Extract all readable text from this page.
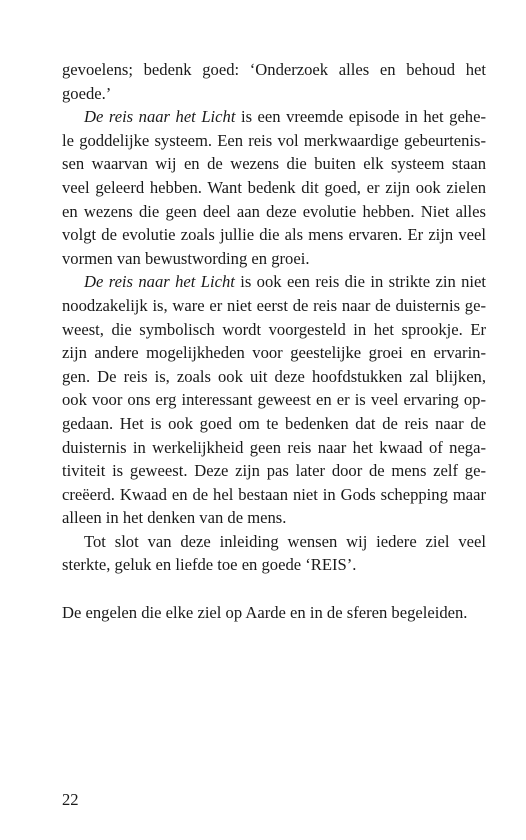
gevoelens; bedenk goed: ‘Onderzoek alles en behoud het
goede.’
De reis naar het Licht is een vreemde episode in het gehe-
le goddelijke systeem. Een reis vol merkwaardige gebeurtenis-
sen waarvan wij en de wezens die buiten elk systeem staan
veel geleerd hebben. Want bedenk dit goed, er zijn ook zielen
en wezens die geen deel aan deze evolutie hebben. Niet alles
volgt de evolutie zoals jullie die als mens ervaren. Er zijn veel
vormen van bewustwording en groei.
De reis naar het Licht is ook een reis die in strikte zin niet
noodzakelijk is, ware er niet eerst de reis naar de duisternis ge-
weest, die symbolisch wordt voorgesteld in het sprookje. Er
zijn andere mogelijkheden voor geestelijke groei en ervarin-
gen. De reis is, zoals ook uit deze hoofdstukken zal blijken,
ook voor ons erg interessant geweest en er is veel ervaring op-
gedaan. Het is ook goed om te bedenken dat de reis naar de
duisternis in werkelijkheid geen reis naar het kwaad of nega-
tiviteit is geweest. Deze zijn pas later door de mens zelf ge-
creëerd. Kwaad en de hel bestaan niet in Gods schepping maar
alleen in het denken van de mens.
Tot slot van deze inleiding wensen wij iedere ziel veel
sterkte, geluk en liefde toe en goede ‘REIS’.
De engelen die elke ziel op Aarde en in de sferen begeleiden.
22
